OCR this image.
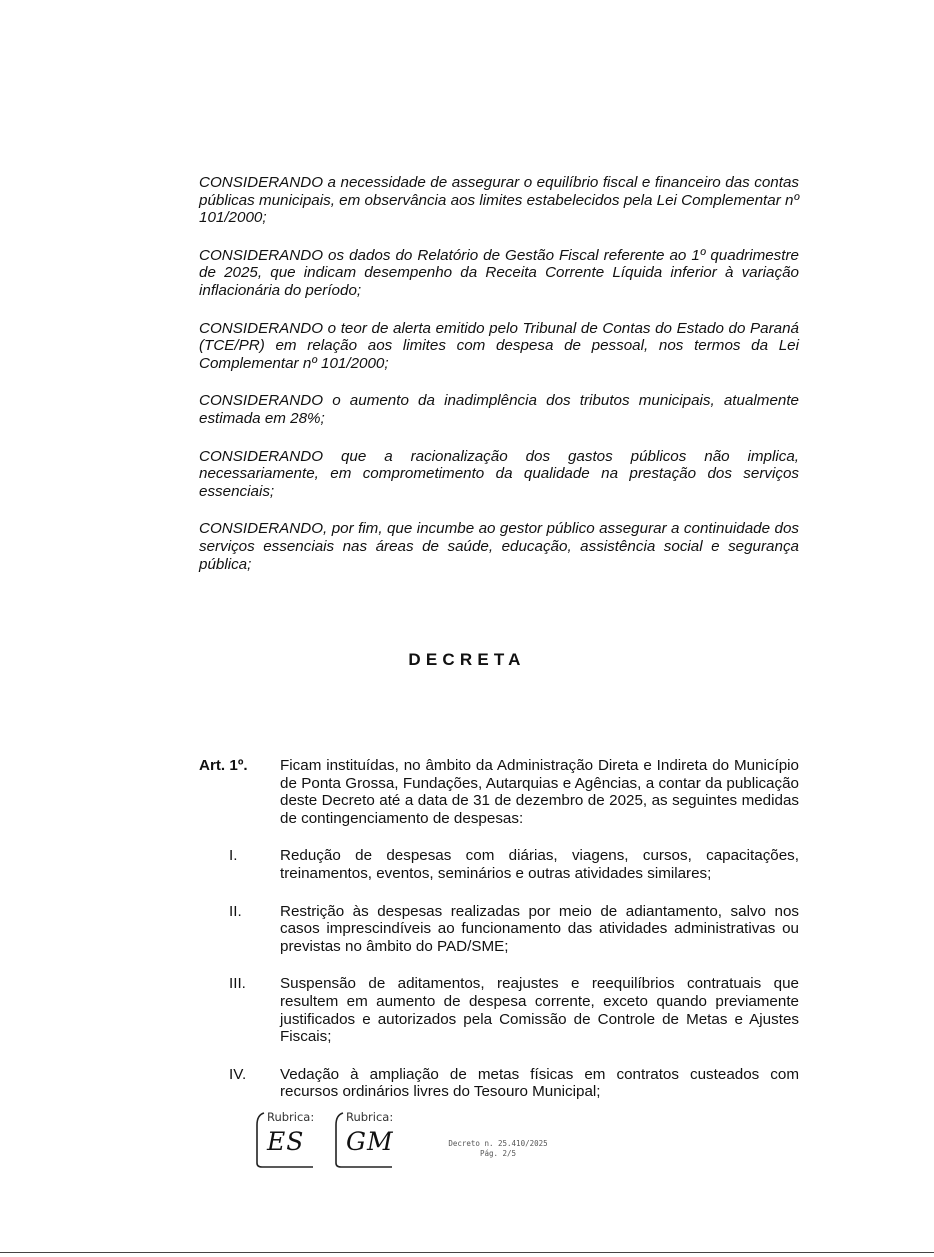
CONSIDERANDO a necessidade de assegurar o equilíbrio fiscal e financeiro das contas públicas municipais, em observância aos limites estabelecidos pela Lei Complementar nº 101/2000;

CONSIDERANDO os dados do Relatório de Gestão Fiscal referente ao 1º quadrimestre de 2025, que indicam desempenho da Receita Corrente Líquida inferior à variação inflacionária do período;

CONSIDERANDO o teor de alerta emitido pelo Tribunal de Contas do Estado do Paraná (TCE/PR) em relação aos limites com despesa de pessoal, nos termos da Lei Complementar nº 101/2000;

CONSIDERANDO o aumento da inadimplência dos tributos municipais, atualmente estimada em 28%;

CONSIDERANDO que a racionalização dos gastos públicos não implica, necessariamente, em comprometimento da qualidade na prestação dos serviços essenciais;

CONSIDERANDO, por fim, que incumbe ao gestor público assegurar a continuidade dos serviços essenciais nas áreas de saúde, educação, assistência social e segurança pública;

DECRETA
Art. 1º.	Ficam instituídas, no âmbito da Administração Direta e Indireta do Município de Ponta Grossa, Fundações, Autarquias e Agências, a contar da publicação deste Decreto até a data de 31 de dezembro de 2025, as seguintes medidas de contingenciamento de despesas:
I.	Redução de despesas com diárias, viagens, cursos, capacitações, treinamentos, eventos, seminários e outras atividades similares;
II.	Restrição às despesas realizadas por meio de adiantamento, salvo nos casos imprescindíveis ao funcionamento das atividades administrativas ou previstas no âmbito do PAD/SME;
III.	Suspensão de aditamentos, reajustes e reequilíbrios contratuais que resultem em aumento de despesa corrente, exceto quando previamente justificados e autorizados pela Comissão de Controle de Metas e Ajustes Fiscais;
IV.	Vedação à ampliação de metas físicas em contratos custeados com recursos ordinários livres do Tesouro Municipal;
Rubrica:
ES
Rubrica:
GM	Decreto n. 25.410/2025
Pág. 2/5
